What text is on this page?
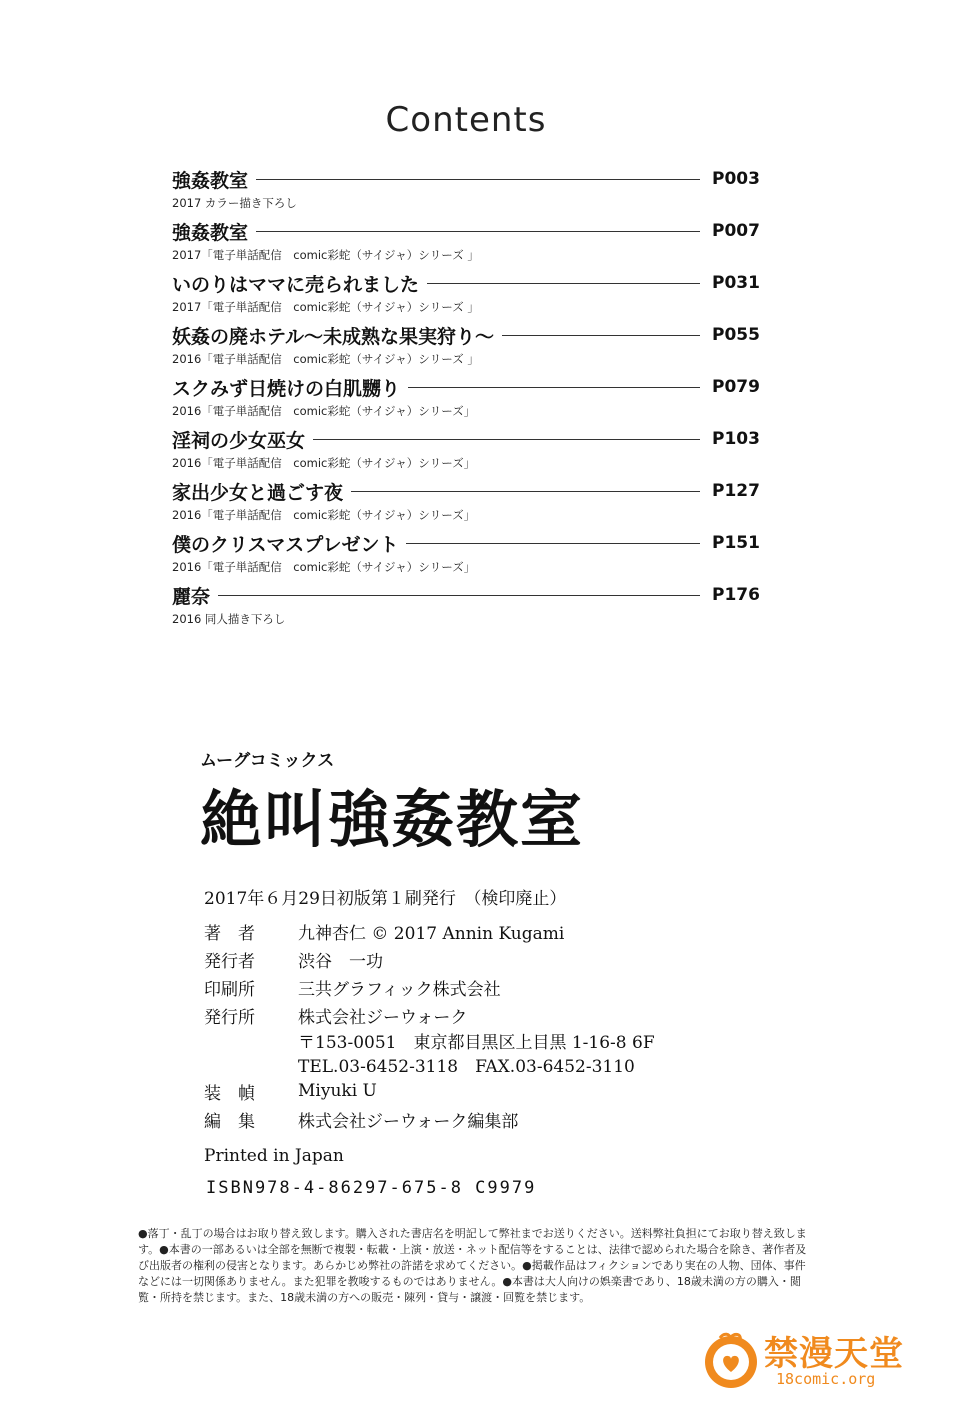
Contents
強姦教室	P003
2017 カラー描き下ろし
強姦教室	P007
2017「電子単話配信　comic彩蛇（サイジャ）シリーズ 」
いのりはママに売られました	P031
2017「電子単話配信　comic彩蛇（サイジャ）シリーズ 」
妖姦の廃ホテル〜未成熟な果実狩り〜	P055
2016「電子単話配信　comic彩蛇（サイジャ）シリーズ 」
スクみず日焼けの白肌嬲り	P079
2016「電子単話配信　comic彩蛇（サイジャ）シリーズ」
淫祠の少女巫女	P103
2016「電子単話配信　comic彩蛇（サイジャ）シリーズ」
家出少女と過ごす夜	P127
2016「電子単話配信　comic彩蛇（サイジャ）シリーズ」
僕のクリスマスプレゼント	P151
2016「電子単話配信　comic彩蛇（サイジャ）シリーズ」
麗奈	P176
2016 同人描き下ろし
ムーグコミックス
絶叫強姦教室
2017年６月29日初版第１刷発行　（検印廃止）
著　者	九神杏仁 © 2017 Annin Kugami
発行者	渋谷　一功
印刷所	三共グラフィック株式会社
発行所	株式会社ジーウォーク
〒153-0051　東京都目黒区上目黒 1-16-8 6F
TEL.03-6452-3118　FAX.03-6452-3110
装　幀	Miyuki U
編　集	株式会社ジーウォーク編集部
Printed in Japan
ISBN978-4-86297-675-8 C9979
●落丁・乱丁の場合はお取り替え致します。購入された書店名を明記して弊社までお送りください。送料弊社負担にてお取り替え致します。●本書の一部あるいは全部を無断で複製・転載・上演・放送・ネット配信等をすることは、法律で認められた場合を除き、著作者及び出版者の権利の侵害となります。あらかじめ弊社の許諾を求めてください。●掲載作品はフィクションであり実在の人物、団体、事件などには一切関係ありません。また犯罪を教唆するものではありません。●本書は大人向けの娯楽書であり、18歳未満の方の購入・閲覧・所持を禁じます。また、18歳未満の方への販売・陳列・貸与・譲渡・回覧を禁じます。
禁漫天堂
18comic.org
